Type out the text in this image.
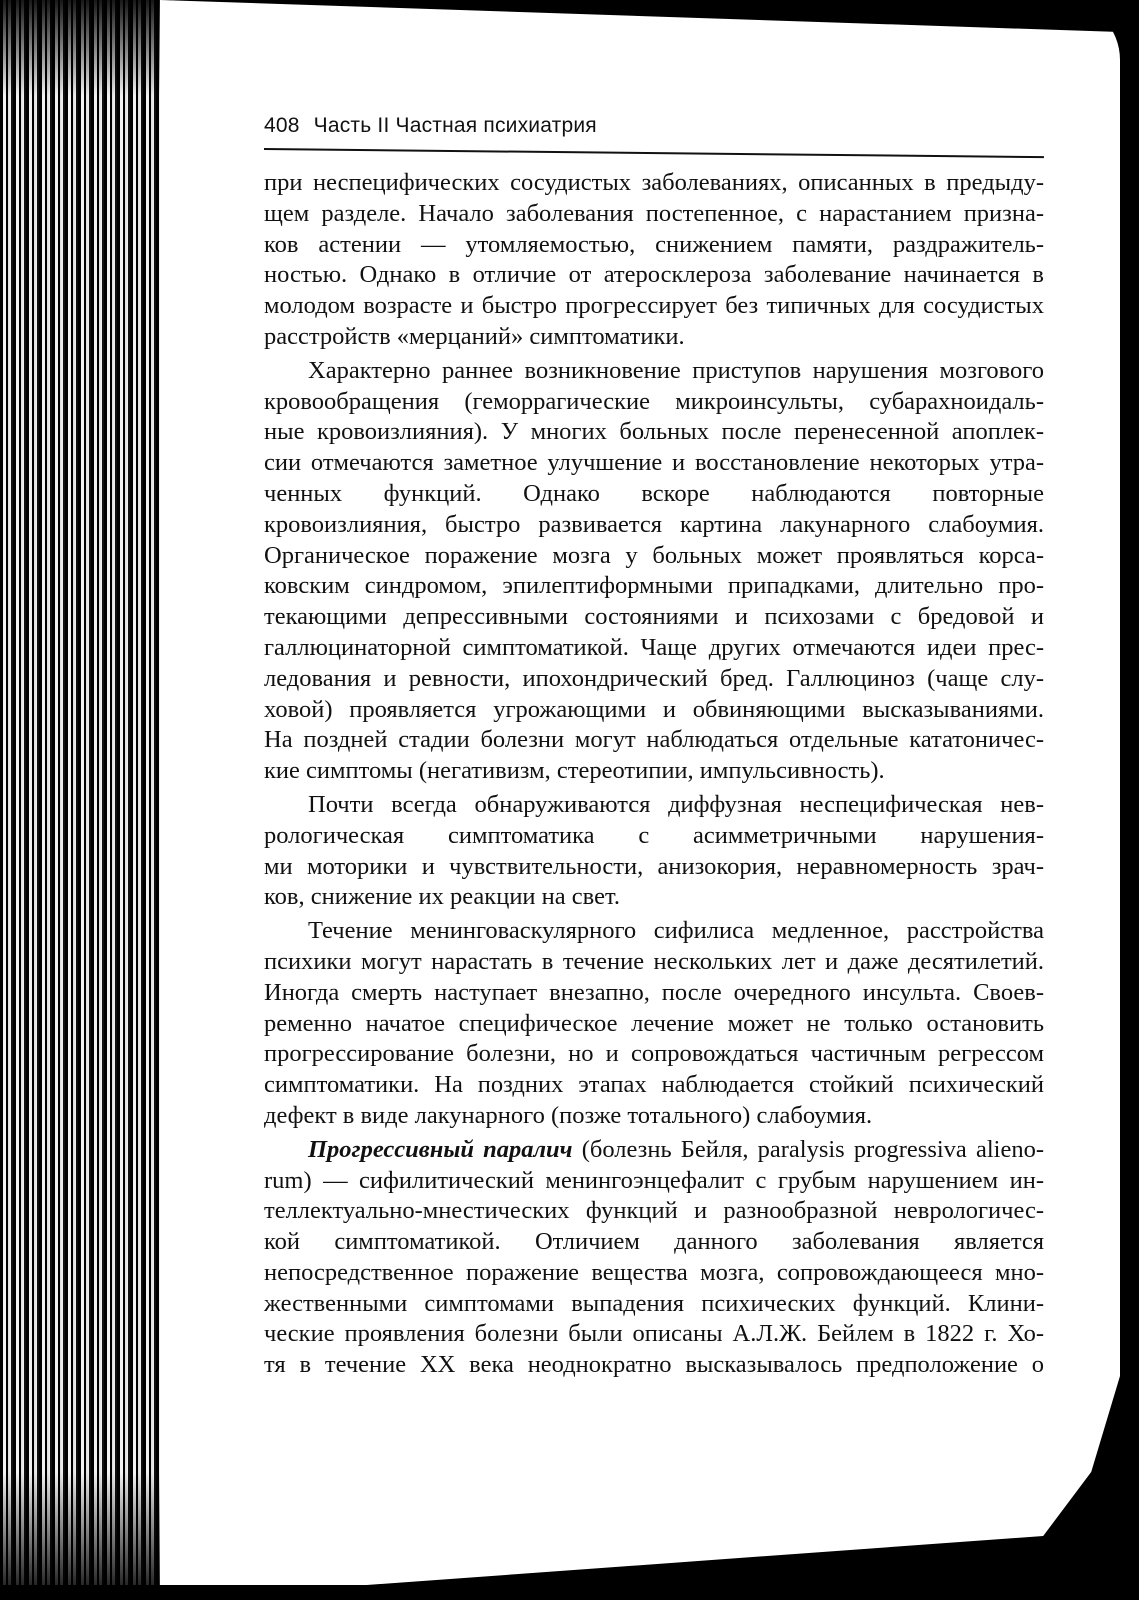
408 Часть II Частная психиатрия
при неспецифических сосудистых заболеваниях, описанных в предыду-
щем разделе. Начало заболевания постепенное, с нарастанием призна-
ков астении — утомляемостью, снижением памяти, раздражитель-
ностью. Однако в отличие от атеросклероза заболевание начинается в
молодом возрасте и быстро прогрессирует без типичных для сосудистых
расстройств «мерцаний» симптоматики.
Характерно раннее возникновение приступов нарушения мозгового
кровообращения (геморрагические микроинсульты, субарахноидаль-
ные кровоизлияния). У многих больных после перенесенной апоплек-
сии отмечаются заметное улучшение и восстановление некоторых утра-
ченных функций. Однако вскоре наблюдаются повторные
кровоизлияния, быстро развивается картина лакунарного слабоумия.
Органическое поражение мозга у больных может проявляться корса-
ковским синдромом, эпилептиформными припадками, длительно про-
текающими депрессивными состояниями и психозами с бредовой и
галлюцинаторной симптоматикой. Чаще других отмечаются идеи прес-
ледования и ревности, ипохондрический бред. Галлюциноз (чаще слу-
ховой) проявляется угрожающими и обвиняющими высказываниями.
На поздней стадии болезни могут наблюдаться отдельные кататоничес-
кие симптомы (негативизм, стереотипии, импульсивность).
Почти всегда обнаруживаются диффузная неспецифическая нев-
рологическая симптоматика с асимметричными нарушения-
ми моторики и чувствительности, анизокория, неравномерность зрач-
ков, снижение их реакции на свет.
Течение менинговаскулярного сифилиса медленное, расстройства
психики могут нарастать в течение нескольких лет и даже десятилетий.
Иногда смерть наступает внезапно, после очередного инсульта. Своев-
ременно начатое специфическое лечение может не только остановить
прогрессирование болезни, но и сопровождаться частичным регрессом
симптоматики. На поздних этапах наблюдается стойкий психический
дефект в виде лакунарного (позже тотального) слабоумия.
Прогрессивный паралич (болезнь Бейля, paralysis progressiva alieno-
rum) — сифилитический менингоэнцефалит с грубым нарушением ин-
теллектуально-мнестических функций и разнообразной неврологичес-
кой симптоматикой. Отличием данного заболевания является
непосредственное поражение вещества мозга, сопровождающееся мно-
жественными симптомами выпадения психических функций. Клини-
ческие проявления болезни были описаны А.Л.Ж. Бейлем в 1822 г. Хо-
тя в течение XX века неоднократно высказывалось предположение о
